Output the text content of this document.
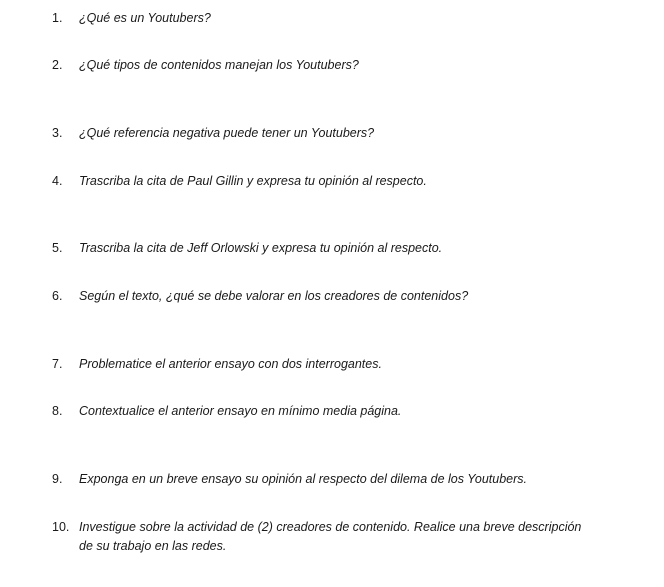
1. ¿Qué es un Youtubers?
2. ¿Qué tipos de contenidos manejan los Youtubers?
3. ¿Qué referencia negativa puede tener un Youtubers?
4. Trascriba la cita de Paul Gillin y expresa tu opinión al respecto.
5. Trascriba la cita de Jeff Orlowski y expresa tu opinión al respecto.
6. Según el texto, ¿qué se debe valorar en los creadores de contenidos?
7. Problematice el anterior ensayo con dos interrogantes.
8. Contextualice el anterior ensayo en mínimo media página.
9. Exponga en un breve ensayo su opinión al respecto del dilema de los Youtubers.
10. Investigue sobre la actividad de (2) creadores de contenido. Realice una breve descripción
de su trabajo en las redes.
